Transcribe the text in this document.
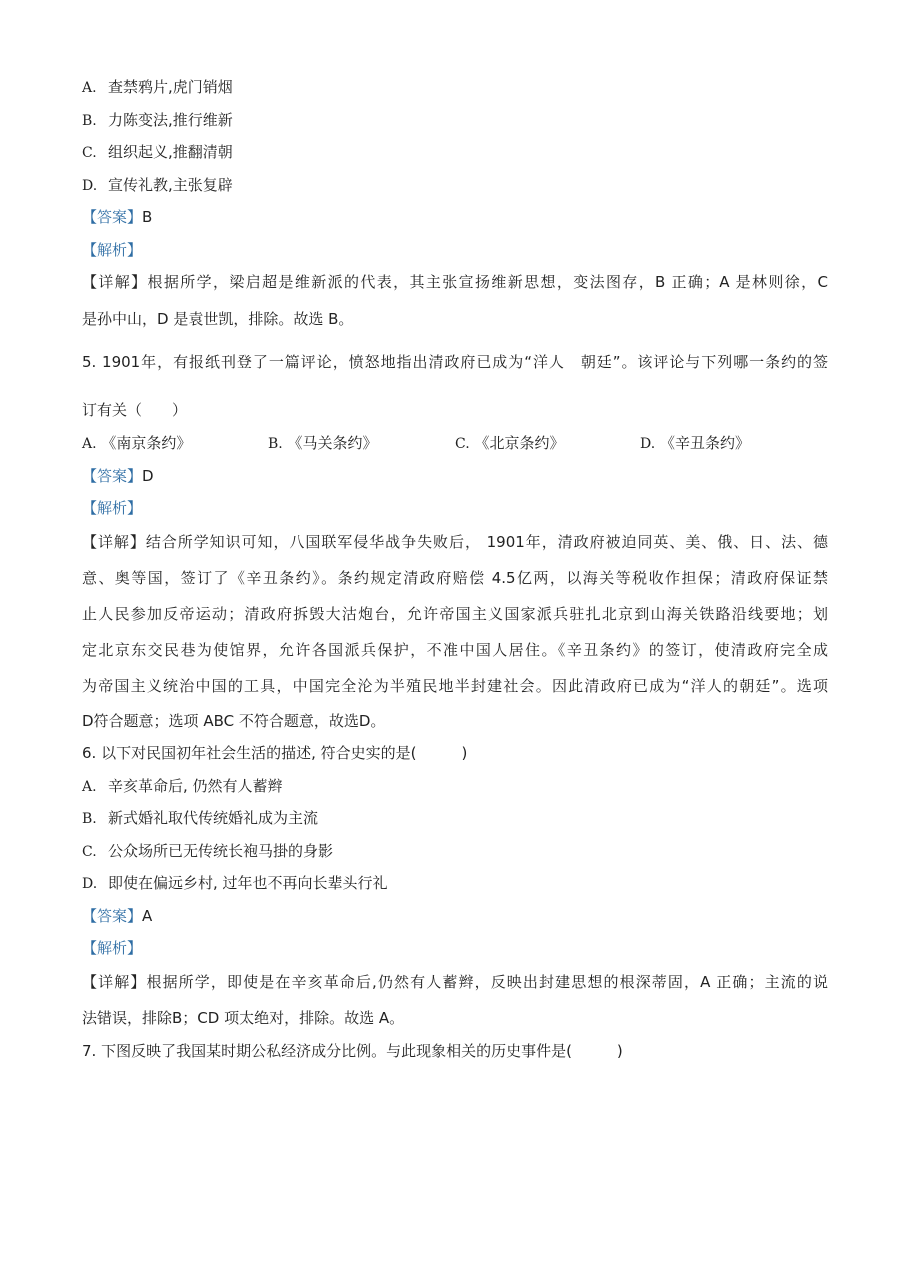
A. 查禁鸦片,虎门销烟
B. 力陈变法,推行维新
C. 组织起义,推翻清朝
D. 宣传礼教,主张复辟
【答案】B
【解析】
【详解】根据所学，梁启超是维新派的代表，其主张宣扬维新思想，变法图存，B 正确；A 是林则徐，C
是孙中山，D 是袁世凯，排除。故选 B。
5. 1901年，有报纸刊登了一篇评论，愤怒地指出清政府已成为“洋人　朝廷”。该评论与下列哪一条约的签
订有关（　　）
A. 《南京条约》	B. 《马关条约》	C. 《北京条约》	D. 《辛丑条约》
【答案】D
【解析】
【详解】结合所学知识可知，八国联军侵华战争失败后， 1901年，清政府被迫同英、美、俄、日、法、德
意、奥等国，签订了《辛丑条约》。条约规定清政府赔偿 4.5亿两，以海关等税收作担保；清政府保证禁
止人民参加反帝运动；清政府拆毁大沽炮台，允许帝国主义国家派兵驻扎北京到山海关铁路沿线要地；划
定北京东交民巷为使馆界，允许各国派兵保护，不准中国人居住。《辛丑条约》的签订，使清政府完全成
为帝国主义统治中国的工具，中国完全沦为半殖民地半封建社会。因此清政府已成为“洋人的朝廷”。选项
D符合题意；选项 ABC 不符合题意，故选D。
6. 以下对民国初年社会生活的描述, 符合史实的是(　　　)
A. 辛亥革命后, 仍然有人蓄辫
B. 新式婚礼取代传统婚礼成为主流
C. 公众场所已无传统长袍马掛的身影
D. 即使在偏远乡村, 过年也不再向长辈头行礼
【答案】A
【解析】
【详解】根据所学，即使是在辛亥革命后,仍然有人蓄辫，反映出封建思想的根深蒂固，A 正确；主流的说
法错误，排除B；CD 项太绝对，排除。故选 A。
7. 下图反映了我国某时期公私经济成分比例。与此现象相关的历史事件是(　　　)
